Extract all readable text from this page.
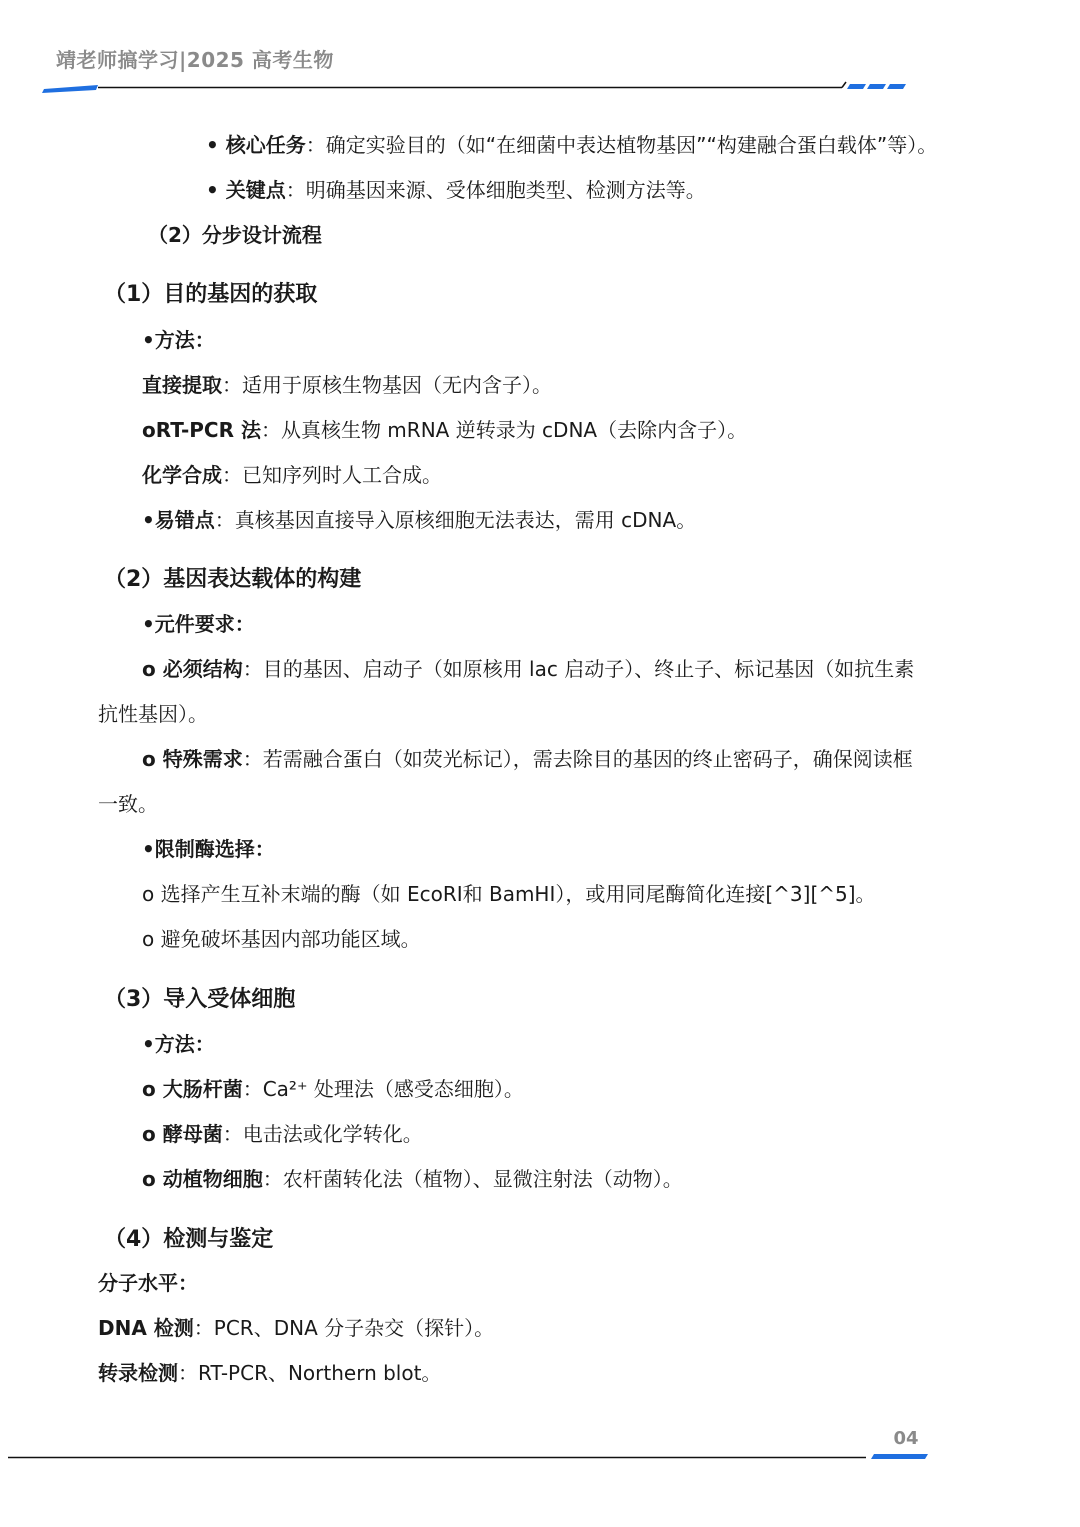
靖老师搞学习|2025 高考生物
• 核心任务：确定实验目的（如“在细菌中表达植物基因”“构建融合蛋白载体”等）。
• 关键点：明确基因来源、受体细胞类型、检测方法等。
（2）分步设计流程
（1）目的基因的获取
•方法：
直接提取：适用于原核生物基因（无内含子）。
oRT-PCR 法：从真核生物 mRNA 逆转录为 cDNA（去除内含子）。
化学合成：已知序列时人工合成。
•易错点：真核基因直接导入原核细胞无法表达，需用 cDNA。
（2）基因表达载体的构建
•元件要求：
o 必须结构：目的基因、启动子（如原核用 lac 启动子）、终止子、标记基因（如抗生素
抗性基因）。
o 特殊需求：若需融合蛋白（如荧光标记），需去除目的基因的终止密码子，确保阅读框
一致。
•限制酶选择：
o 选择产生互补末端的酶（如 EcoRI和 BamHI），或用同尾酶简化连接[^3][^5]。
o 避免破坏基因内部功能区域。
（3）导入受体细胞
•方法：
o 大肠杆菌：Ca²⁺ 处理法（感受态细胞）。
o 酵母菌：电击法或化学转化。
o 动植物细胞：农杆菌转化法（植物）、显微注射法（动物）。
（4）检测与鉴定
分子水平：
DNA 检测：PCR、DNA 分子杂交（探针）。
转录检测：RT-PCR、Northern blot。
04
